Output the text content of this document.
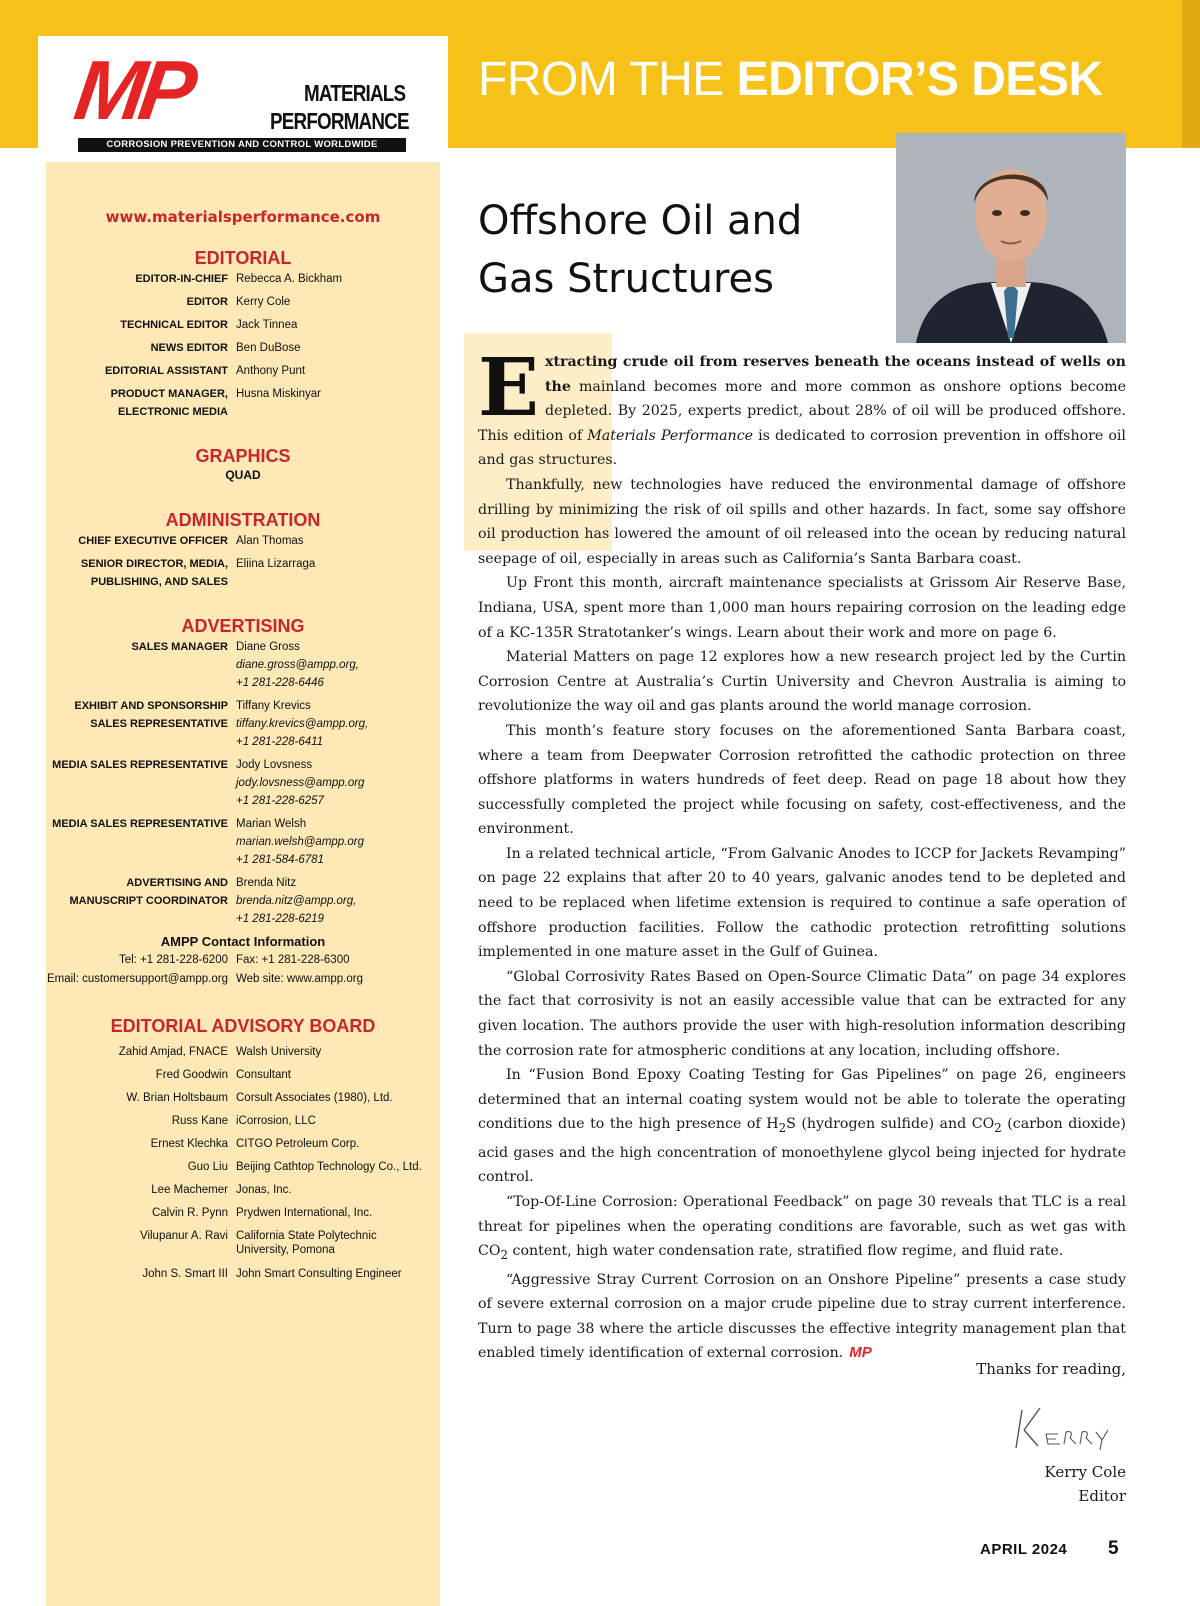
FROM THE EDITOR’S DESK
MP	MATERIALS
PERFORMANCE
CORROSION PREVENTION AND CONTROL WORLDWIDE
www.materialsperformance.com
EDITORIAL
EDITOR-IN-CHIEF Rebecca A. Bickham
EDITOR Kerry Cole
TECHNICAL EDITOR Jack Tinnea
NEWS EDITOR Ben DuBose
EDITORIAL ASSISTANT Anthony Punt
PRODUCT MANAGER, Husna Miskinyar
ELECTRONIC MEDIA
GRAPHICS
QUAD
ADMINISTRATION
CHIEF EXECUTIVE OFFICER Alan Thomas
SENIOR DIRECTOR, MEDIA, Eliina Lizarraga
PUBLISHING, AND SALES
ADVERTISING
SALES MANAGER Diane Gross
diane.gross@ampp.org,
+1 281-228-6446
EXHIBIT AND SPONSORSHIP
SALES REPRESENTATIVE
Tiffany Krevics
tiffany.krevics@ampp.org,
+1 281-228-6411
MEDIA SALES REPRESENTATIVE Jody Lovsness
jody.lovsness@ampp.org
+1 281-228-6257
MEDIA SALES REPRESENTATIVE Marian Welsh
marian.welsh@ampp.org
+1 281-584-6781
ADVERTISING AND
MANUSCRIPT COORDINATOR
Brenda Nitz
brenda.nitz@ampp.org,
+1 281-228-6219
AMPP Contact Information
Tel: +1 281-228-6200 Fax: +1 281-228-6300
Email: customersupport@ampp.org Web site: www.ampp.org
EDITORIAL ADVISORY BOARD
Zahid Amjad, FNACE Walsh University
Fred Goodwin Consultant
W. Brian Holtsbaum Corsult Associates (1980), Ltd.
Russ Kane iCorrosion, LLC
Ernest Klechka CITGO Petroleum Corp.
Guo Liu Beijing Cathtop Technology Co., Ltd.
Lee Machemer Jonas, Inc.
Calvin R. Pynn Prydwen International, Inc.
Vilupanur A. Ravi California State Polytechnic University, Pomona
John S. Smart III John Smart Consulting Engineer
Offshore Oil and Gas Structures

Extracting crude oil from reserves beneath the oceans instead of wells on the mainland becomes more and more common as onshore options become depleted. By 2025, experts predict, about 28% of oil will be produced offshore. This edition of Materials Performance is dedicated to corrosion prevention in offshore oil and gas structures.

Thankfully, new technologies have reduced the environmental damage of offshore drilling by minimizing the risk of oil spills and other hazards. In fact, some say offshore oil production has lowered the amount of oil released into the ocean by reducing natural seepage of oil, especially in areas such as California’s Santa Barbara coast.

Up Front this month, aircraft maintenance specialists at Grissom Air Reserve Base, Indiana, USA, spent more than 1,000 man hours repairing corrosion on the leading edge of a KC-135R Stratotanker’s wings. Learn about their work and more on page 6.

Material Matters on page 12 explores how a new research project led by the Curtin Corrosion Centre at Australia’s Curtin University and Chevron Australia is aiming to revolutionize the way oil and gas plants around the world manage corrosion.

This month’s feature story focuses on the aforementioned Santa Barbara coast, where a team from Deepwater Corrosion retrofitted the cathodic protection on three offshore platforms in waters hundreds of feet deep. Read on page 18 about how they successfully completed the project while focusing on safety, cost-effectiveness, and the environment.

In a related technical article, “From Galvanic Anodes to ICCP for Jackets Revamping” on page 22 explains that after 20 to 40 years, galvanic anodes tend to be depleted and need to be replaced when lifetime extension is required to continue a safe operation of offshore production facilities. Follow the cathodic protection retrofitting solutions implemented in one mature asset in the Gulf of Guinea.

“Global Corrosivity Rates Based on Open-Source Climatic Data” on page 34 explores the fact that corrosivity is not an easily accessible value that can be extracted for any given location. The authors provide the user with high-resolution information describing the corrosion rate for atmospheric conditions at any location, including offshore.

In “Fusion Bond Epoxy Coating Testing for Gas Pipelines” on page 26, engineers determined that an internal coating system would not be able to tolerate the operating conditions due to the high presence of $H_2S$ (hydrogen sulfide) and $CO_2$ (carbon dioxide) acid gases and the high concentration of monoethylene glycol being injected for hydrate control.

“Top-Of-Line Corrosion: Operational Feedback” on page 30 reveals that TLC is a real threat for pipelines when the operating conditions are favorable, such as wet gas with $CO_2$ content, high water condensation rate, stratified flow regime, and fluid rate.

“Aggressive Stray Current Corrosion on an Onshore Pipeline” presents a case study of severe external corrosion on a major crude pipeline due to stray current interference. Turn to page 38 where the article discusses the effective integrity management plan that enabled timely identification of external corrosion. MP

Thanks for reading,
Kerry Cole
Editor
APRIL 2024 5
